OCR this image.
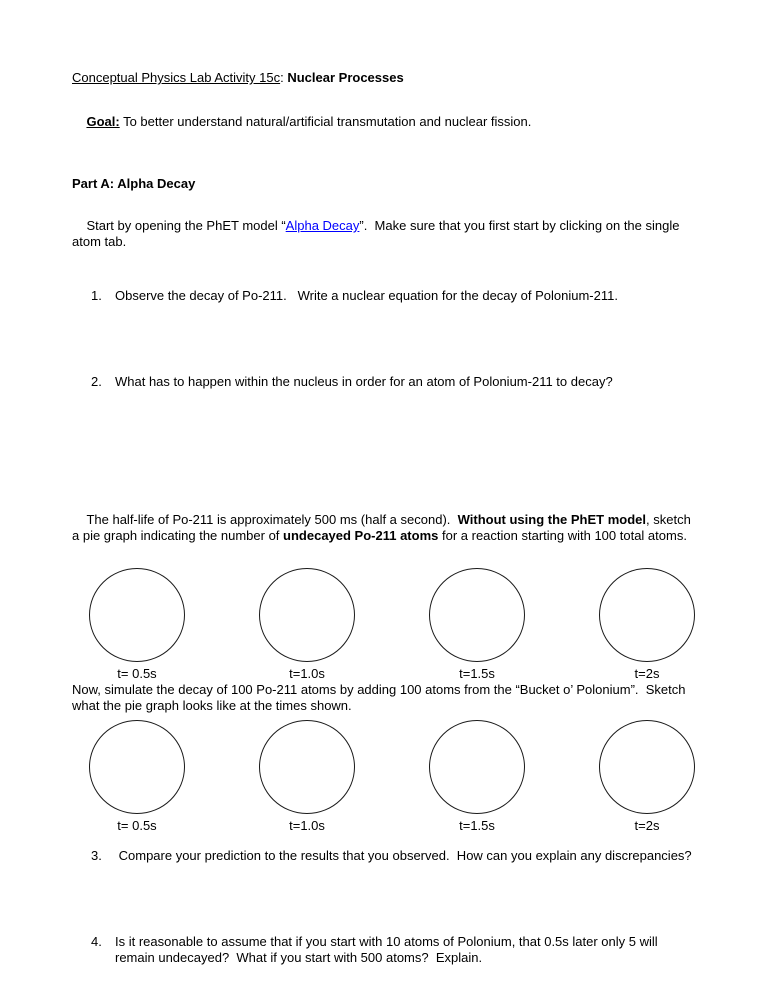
Conceptual Physics Lab Activity 15c: Nuclear Processes

Goal: To better understand natural/artificial transmutation and nuclear fission.

Part A: Alpha Decay

Start by opening the PhET model “Alpha Decay”.  Make sure that you first start by clicking on the single atom tab.

1.	Observe the decay of Po-211.   Write a nuclear equation for the decay of Polonium-211.
2.	What has to happen within the nucleus in order for an atom of Polonium-211 to decay?

The half-life of Po-211 is approximately 500 ms (half a second).  Without using the PhET model, sketch a pie graph indicating the number of undecayed Po-211 atoms for a reaction starting with 100 total atoms.

t= 0.5s	t=1.0s	t=1.5s	t=2s
Now, simulate the decay of 100 Po-211 atoms by adding 100 atoms from the “Bucket o’ Polonium”.  Sketch what the pie graph looks like at the times shown.
t= 0.5s	t=1.0s	t=1.5s	t=2s
3.	Compare your prediction to the results that you observed.  How can you explain any discrepancies?
4.	Is it reasonable to assume that if you start with 10 atoms of Polonium, that 0.5s later only 5 will remain undecayed?  What if you start with 500 atoms?  Explain.
